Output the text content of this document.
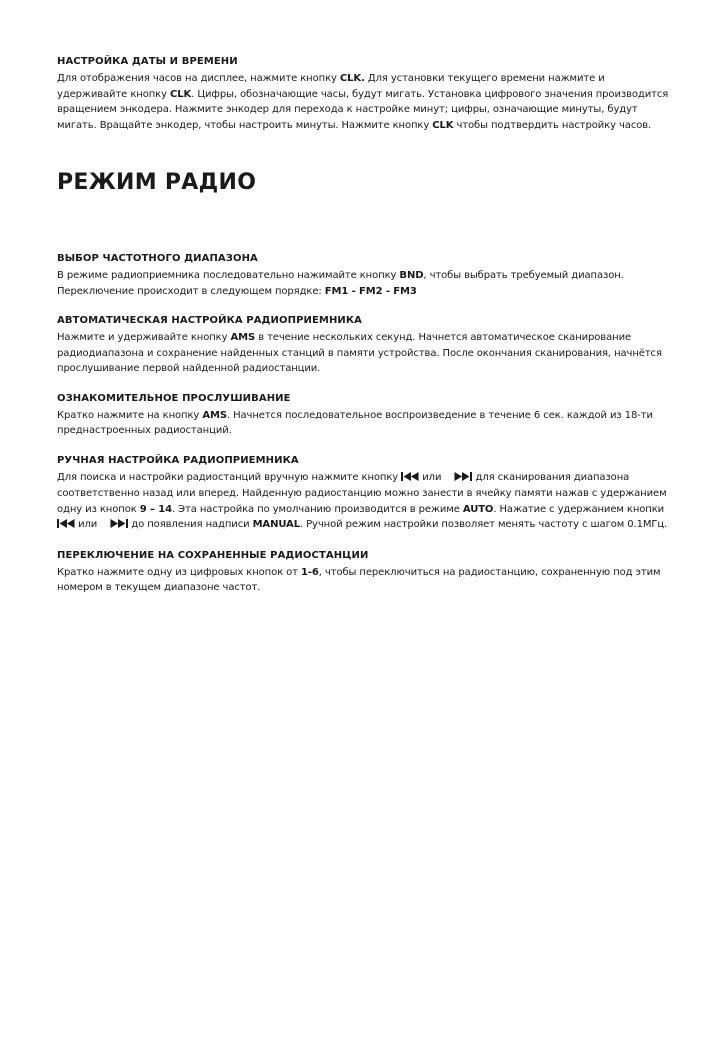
НАСТРОЙКА ДАТЫ И ВРЕМЕНИ

Для отображения часов на дисплее, нажмите кнопку CLK. Для установки текущего времени нажмите и удерживайте кнопку CLK. Цифры, обозначающие часы, будут мигать. Установка цифрового значения производится вращением энкодера. Нажмите энкодер для перехода к настройке минут; цифры, означающие минуты, будут мигать. Вращайте энкодер, чтобы настроить минуты. Нажмите кнопку CLK чтобы подтвердить настройку часов.

РЕЖИМ РАДИО
ВЫБОР ЧАСТОТНОГО ДИАПАЗОНА

В режиме радиоприемника последовательно нажимайте кнопку BND, чтобы выбрать требуемый диапазон. Переключение происходит в следующем порядке: FM1 - FM2 - FM3

АВТОМАТИЧЕСКАЯ НАСТРОЙКА РАДИОПРИЕМНИКА

Нажмите и удерживайте кнопку AMS в течение нескольких секунд. Начнется автоматическое сканирование радиодиапазона и сохранение найденных станций в памяти устройства. После окончания сканирования, начнётся прослушивание первой найденной радиостанции.

ОЗНАКОМИТЕЛЬНОЕ ПРОСЛУШИВАНИЕ

Кратко нажмите на кнопку AMS. Начнется последовательное воспроизведение в течение 6 сек. каждой из 18-ти преднастроенных радиостанций.

РУЧНАЯ НАСТРОЙКА РАДИОПРИЕМНИКА

Для поиска и настройки радиостанций вручную нажмите кнопку  или	для сканирования диапазона соответственно назад или вперед. Найденную радиостанцию можно занести в ячейку памяти нажав с удержанием одну из кнопок 9 – 14. Эта настройка по умолчанию производится в режиме AUTO. Нажатие с удержанием кнопки  или	до появления надписи MANUAL. Ручной режим настройки позволяет менять частоту с шагом 0.1МГц.

ПЕРЕКЛЮЧЕНИЕ НА СОХРАНЕННЫЕ РАДИОСТАНЦИИ

Кратко нажмите одну из цифровых кнопок от 1-6, чтобы переключиться на радиостанцию, сохраненную под этим номером в текущем диапазоне частот.
